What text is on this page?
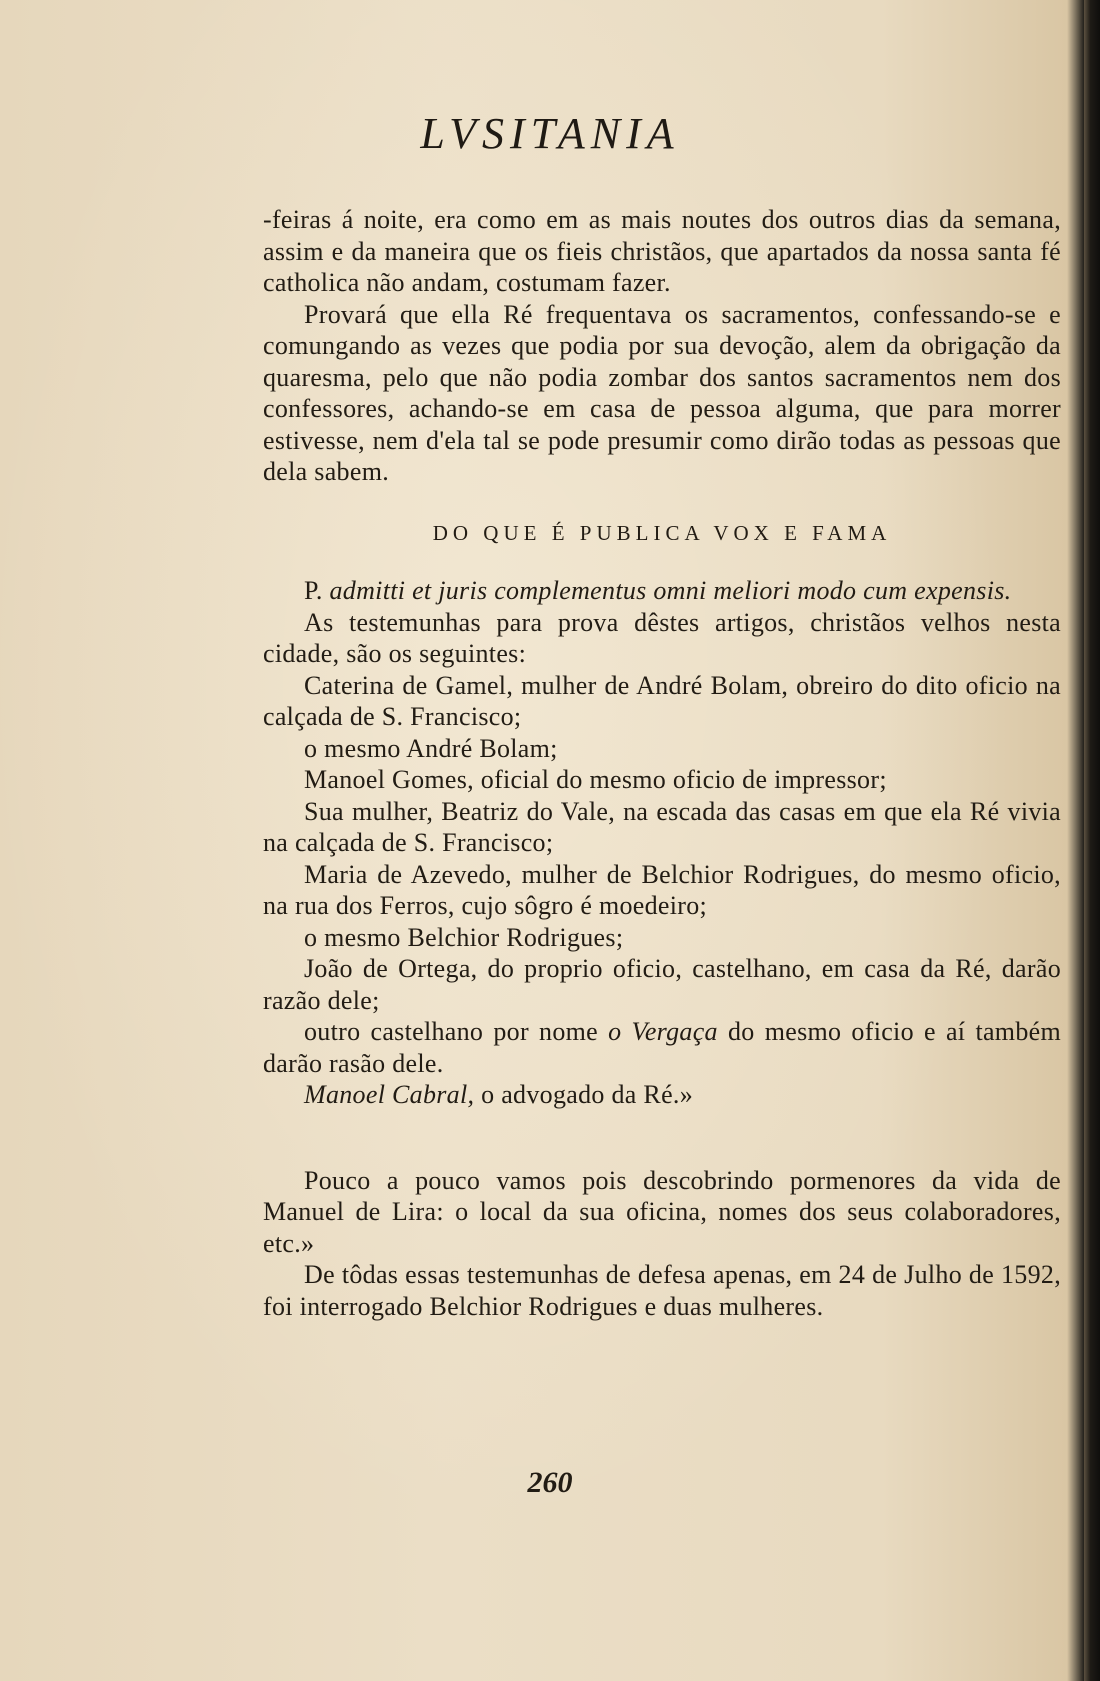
LVSITANIA

-feiras á noite, era como em as mais noutes dos outros dias da semana, assim e da maneira que os fieis christãos, que apartados da nossa santa fé catholica não andam, costumam fazer.

Provará que ella Ré frequentava os sacramentos, confessando-se e comungando as vezes que podia por sua devoção, alem da obrigação da quaresma, pelo que não podia zombar dos santos sacramentos nem dos confessores, achando-se em casa de pessoa alguma, que para morrer estivesse, nem d'ela tal se pode presumir como dirão todas as pessoas que dela sabem.

DO QUE É PUBLICA VOX E FAMA

P. admitti et juris complementus omni meliori modo cum expensis.

As testemunhas para prova dêstes artigos, christãos velhos nesta cidade, são os seguintes:

Caterina de Gamel, mulher de André Bolam, obreiro do dito oficio na calçada de S. Francisco;

o mesmo André Bolam;

Manoel Gomes, oficial do mesmo oficio de impressor;

Sua mulher, Beatriz do Vale, na escada das casas em que ela Ré vivia na calçada de S. Francisco;

Maria de Azevedo, mulher de Belchior Rodrigues, do mesmo oficio, na rua dos Ferros, cujo sôgro é moedeiro;

o mesmo Belchior Rodrigues;

João de Ortega, do proprio oficio, castelhano, em casa da Ré, darão razão dele;

outro castelhano por nome o Vergaça do mesmo oficio e aí também darão rasão dele.

Manoel Cabral, o advogado da Ré.»

Pouco a pouco vamos pois descobrindo pormenores da vida de Manuel de Lira: o local da sua oficina, nomes dos seus colaboradores, etc.»

De tôdas essas testemunhas de defesa apenas, em 24 de Julho de 1592, foi interrogado Belchior Rodrigues e duas mulheres.

260
